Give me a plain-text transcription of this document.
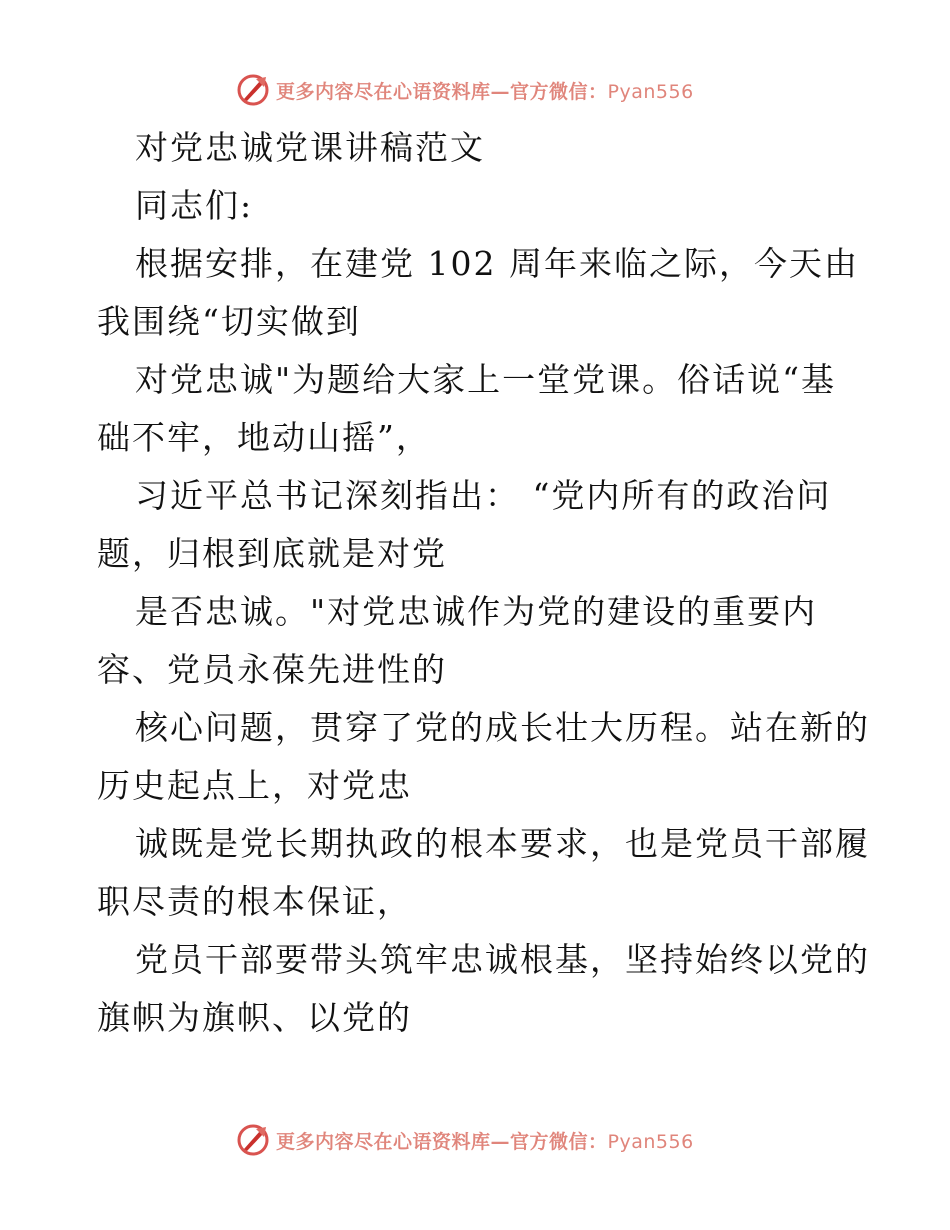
更多内容尽在心语资料库—官方微信：Pyan556
对党忠诚党课讲稿范文
同志们:
根据安排，在建党 102 周年来临之际，今天由
我围绕“切实做到
对党忠诚"为题给大家上一堂党课。俗话说“基
础不牢，地动山摇”，
习近平总书记深刻指出： “党内所有的政治问
题，归根到底就是对党
是否忠诚。"对党忠诚作为党的建设的重要内
容、党员永葆先进性的
核心问题，贯穿了党的成长壮大历程。站在新的
历史起点上，对党忠
诚既是党长期执政的根本要求，也是党员干部履
职尽责的根本保证，
党员干部要带头筑牢忠诚根基，坚持始终以党的
旗帜为旗帜、以党的
更多内容尽在心语资料库—官方微信：Pyan556
